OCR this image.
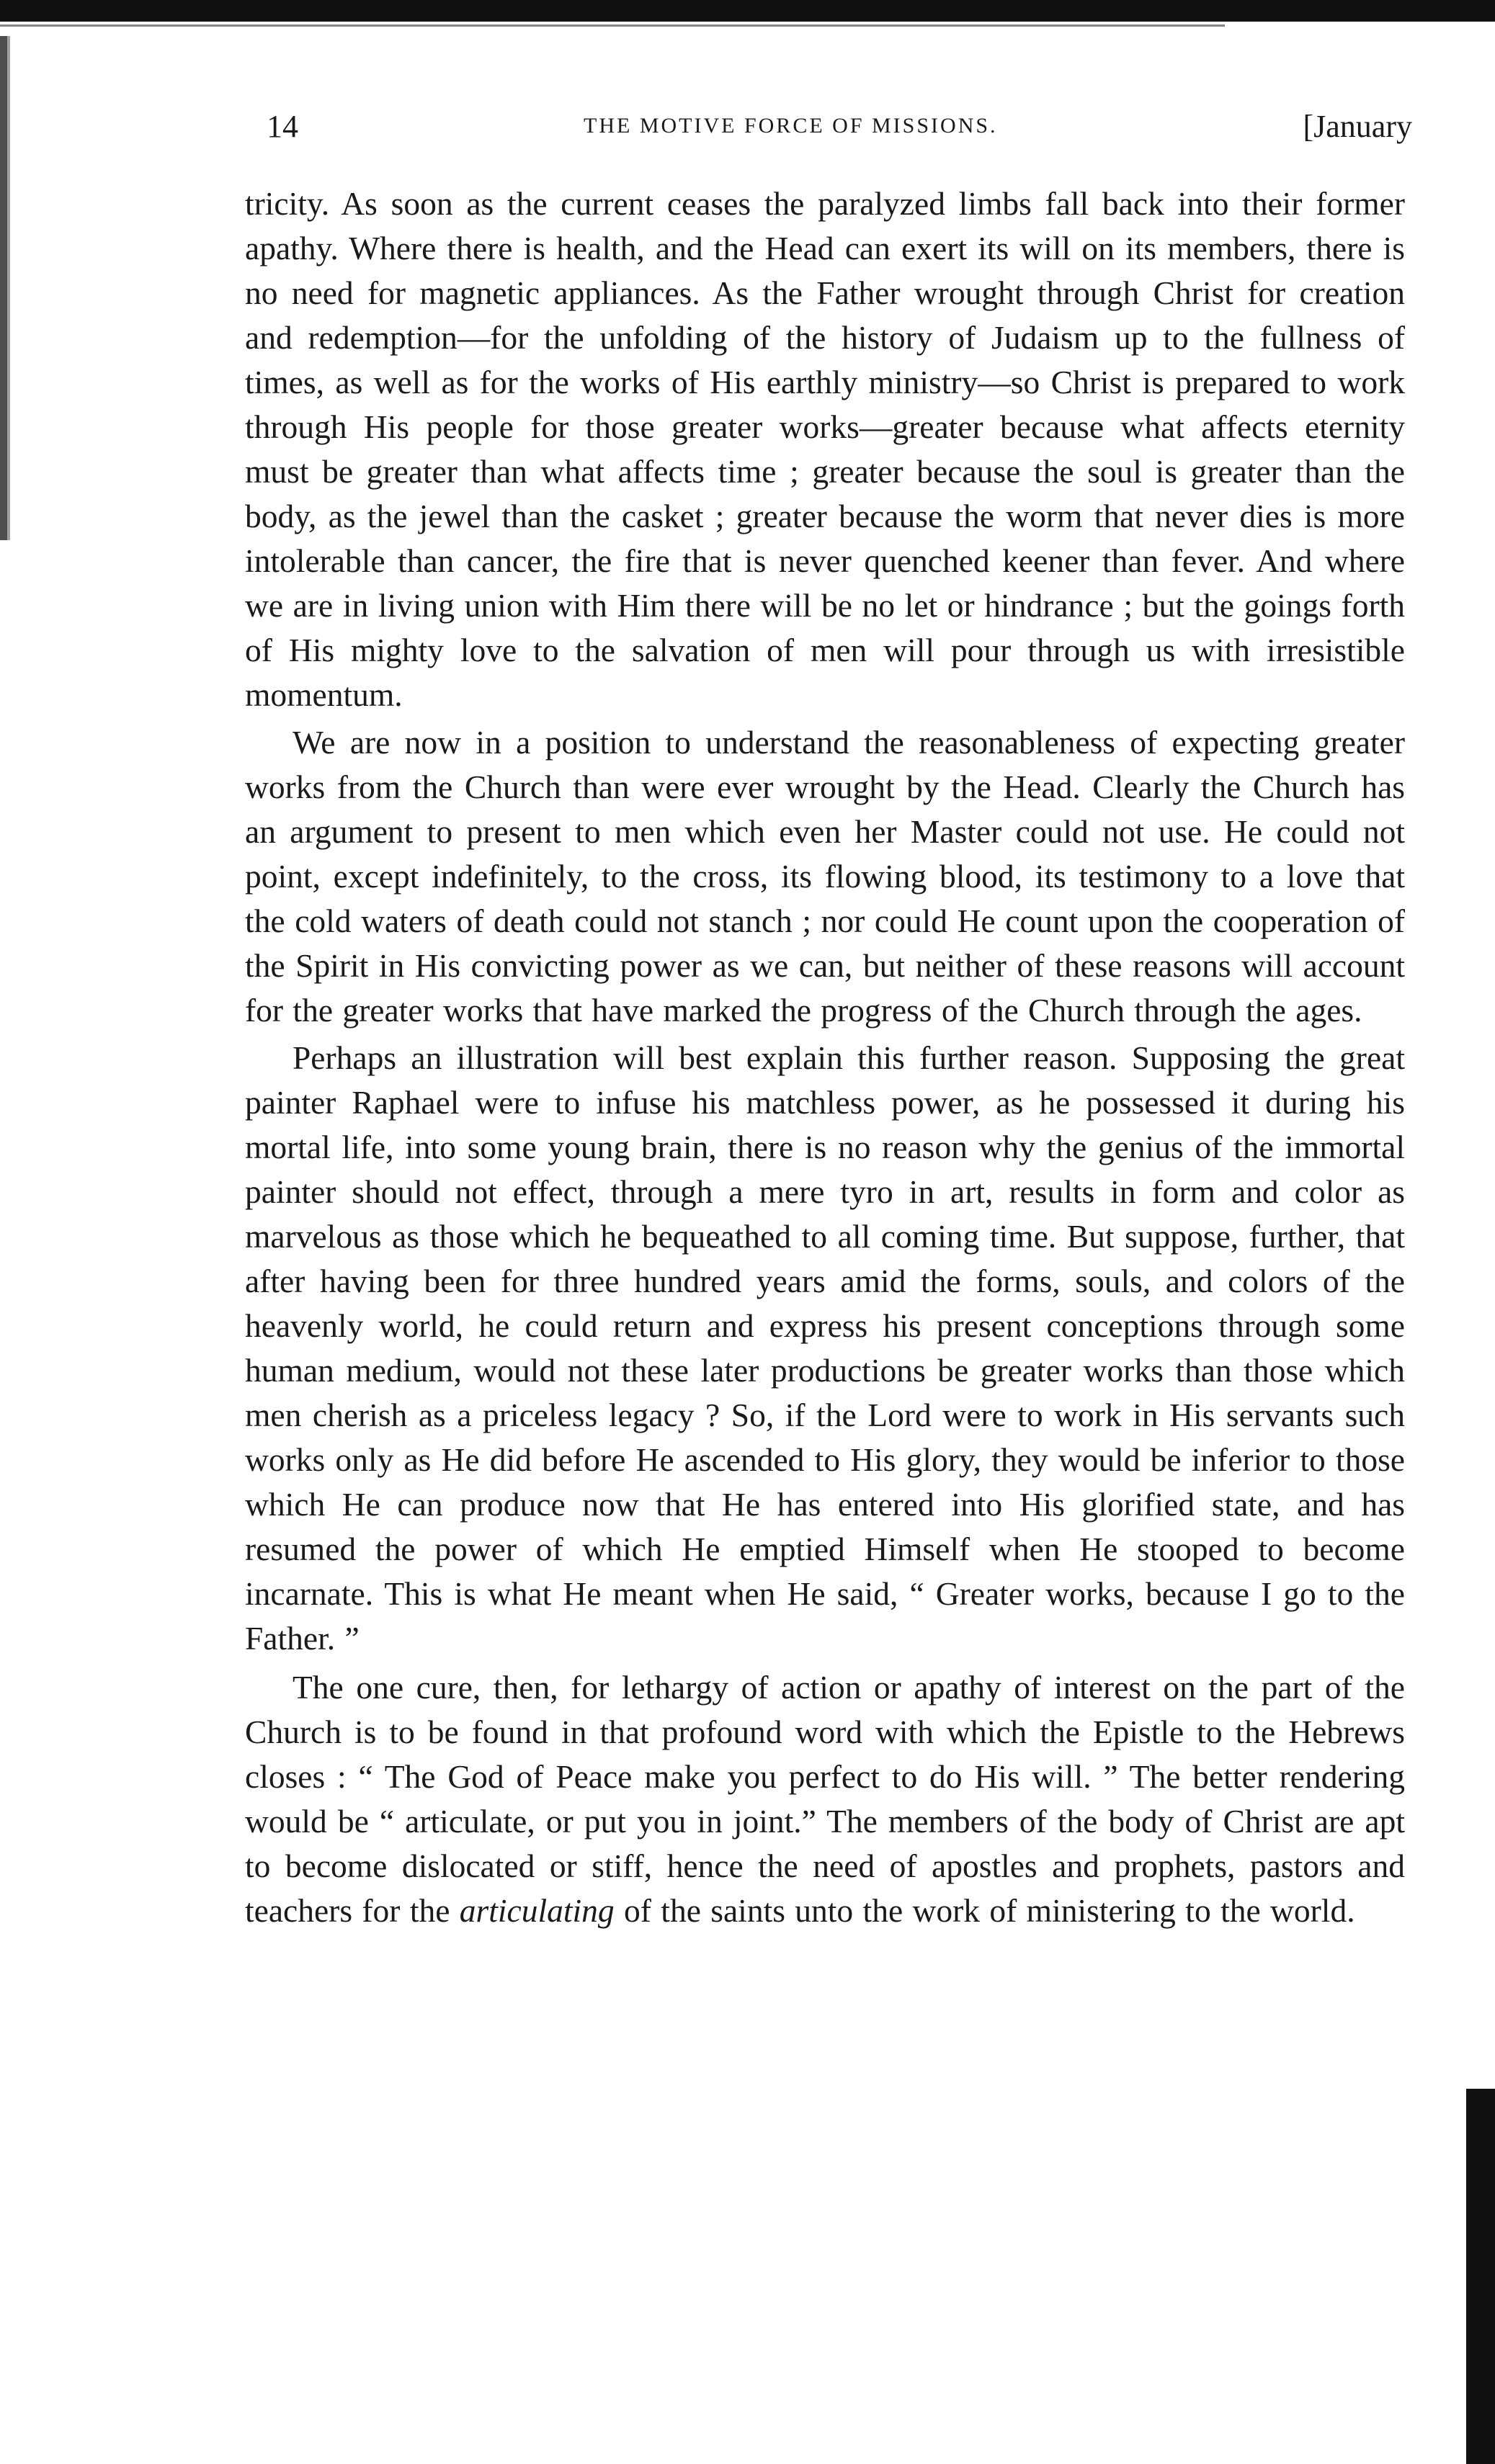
14	THE MOTIVE FORCE OF MISSIONS.	[January

tricity. As soon as the current ceases the paralyzed limbs fall back into their former apathy. Where there is health, and the Head can exert its will on its members, there is no need for magnetic appliances. As the Father wrought through Christ for creation and redemption—for the unfolding of the history of Judaism up to the fullness of times, as well as for the works of His earthly ministry—so Christ is prepared to work through His people for those greater works—greater because what affects eternity must be greater than what affects time ; greater because the soul is greater than the body, as the jewel than the casket ; greater because the worm that never dies is more intolerable than cancer, the fire that is never quenched keener than fever. And where we are in living union with Him there will be no let or hindrance ; but the goings forth of His mighty love to the salvation of men will pour through us with irresistible momentum.

We are now in a position to understand the reasonableness of expecting greater works from the Church than were ever wrought by the Head. Clearly the Church has an argument to present to men which even her Master could not use. He could not point, except indefinitely, to the cross, its flowing blood, its testimony to a love that the cold waters of death could not stanch ; nor could He count upon the cooperation of the Spirit in His convicting power as we can, but neither of these reasons will account for the greater works that have marked the progress of the Church through the ages.

Perhaps an illustration will best explain this further reason. Supposing the great painter Raphael were to infuse his matchless power, as he possessed it during his mortal life, into some young brain, there is no reason why the genius of the immortal painter should not effect, through a mere tyro in art, results in form and color as marvelous as those which he bequeathed to all coming time. But suppose, further, that after having been for three hundred years amid the forms, souls, and colors of the heavenly world, he could return and express his present conceptions through some human medium, would not these later productions be greater works than those which men cherish as a priceless legacy ? So, if the Lord were to work in His servants such works only as He did before He ascended to His glory, they would be inferior to those which He can produce now that He has entered into His glorified state, and has resumed the power of which He emptied Himself when He stooped to become incarnate. This is what He meant when He said, “ Greater works, because I go to the Father. ”

The one cure, then, for lethargy of action or apathy of interest on the part of the Church is to be found in that profound word with which the Epistle to the Hebrews closes : “ The God of Peace make you perfect to do His will. ” The better rendering would be “ articulate, or put you in joint.” The members of the body of Christ are apt to become dislocated or stiff, hence the need of apostles and prophets, pastors and teachers for the articulating of the saints unto the work of ministering to the world.
